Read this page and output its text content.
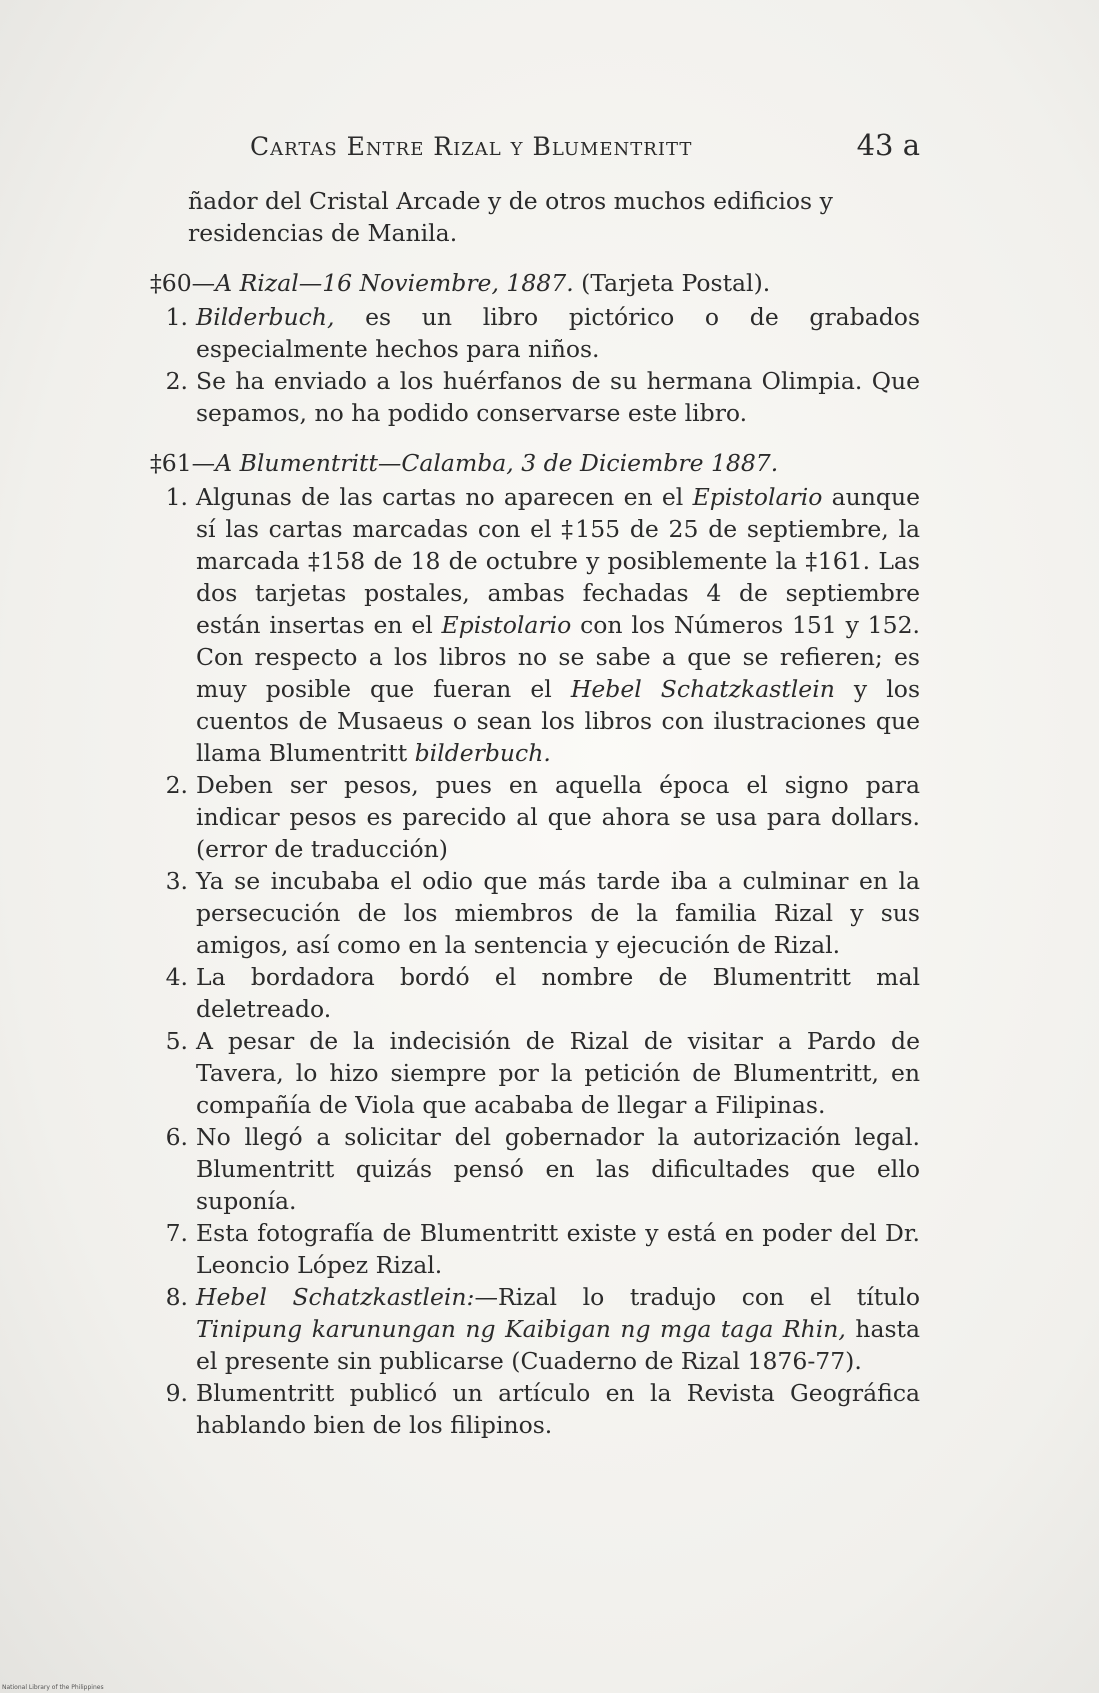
Cartas Entre Rizal y Blumentritt	43 a

ñador del Cristal Arcade y de otros muchos edificios y residencias de Manila.

‡60—A Rizal—16 Noviembre, 1887. (Tarjeta Postal).

1. Bilderbuch, es un libro pictórico o de grabados especialmente hechos para niños.
2. Se ha enviado a los huérfanos de su hermana Olimpia. Que sepamos, no ha podido conservarse este libro.

‡61—A Blumentritt—Calamba, 3 de Diciembre 1887.

1. Algunas de las cartas no aparecen en el Epistolario aunque sí las cartas marcadas con el ‡155 de 25 de septiembre, la marcada ‡158 de 18 de octubre y posiblemente la ‡161. Las dos tarjetas postales, ambas fechadas 4 de septiembre están insertas en el Epistolario con los Números 151 y 152. Con respecto a los libros no se sabe a que se refieren; es muy posible que fueran el Hebel Schatzkastlein y los cuentos de Musaeus o sean los libros con ilustraciones que llama Blumentritt bilderbuch.
2. Deben ser pesos, pues en aquella época el signo para indicar pesos es parecido al que ahora se usa para dollars. (error de traducción)
3. Ya se incubaba el odio que más tarde iba a culminar en la persecución de los miembros de la familia Rizal y sus amigos, así como en la sentencia y ejecución de Rizal.
4. La bordadora bordó el nombre de Blumentritt mal deletreado.
5. A pesar de la indecisión de Rizal de visitar a Pardo de Tavera, lo hizo siempre por la petición de Blumentritt, en compañía de Viola que acababa de llegar a Filipinas.
6. No llegó a solicitar del gobernador la autorización legal. Blumentritt quizás pensó en las dificultades que ello suponía.
7. Esta fotografía de Blumentritt existe y está en poder del Dr. Leoncio López Rizal.
8. Hebel Schatzkastlein:—Rizal lo tradujo con el título Tinipung karunungan ng Kaibigan ng mga taga Rhin, hasta el presente sin publicarse (Cuaderno de Rizal 1876-77).
9. Blumentritt publicó un artículo en la Revista Geográfica hablando bien de los filipinos.
National Library of the Philippines
